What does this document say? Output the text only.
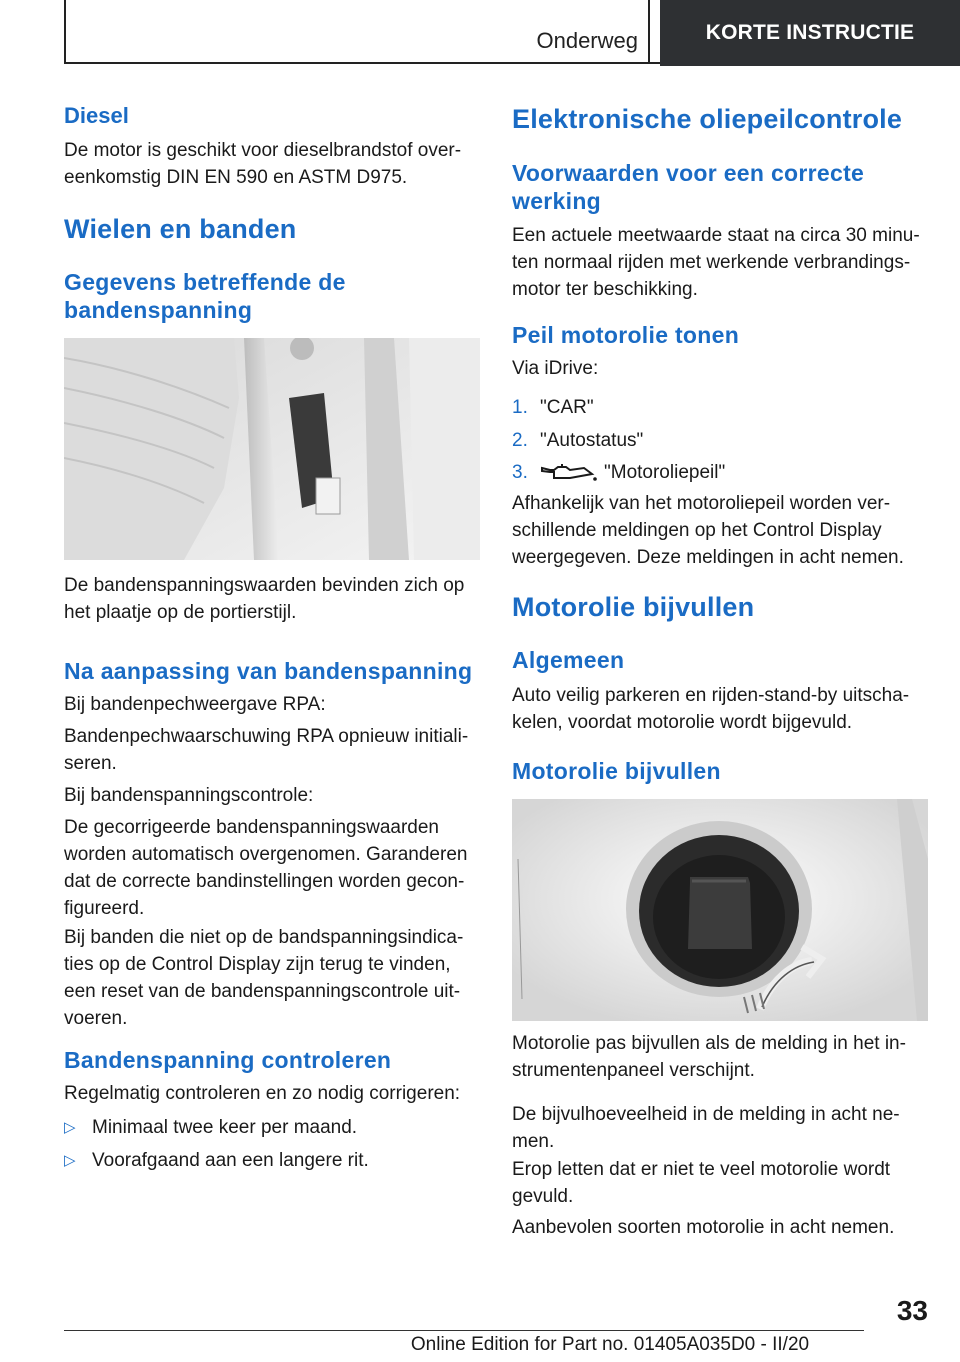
Onderweg	KORTE INSTRUCTIE
Diesel
De motor is geschikt voor dieselbrandstof over-
eenkomstig DIN EN 590 en ASTM D975.
Wielen en banden
Gegevens betreffende de
bandenspanning
De bandenspanningswaarden bevinden zich op
het plaatje op de portierstijl.
Na aanpassing van bandenspanning
Bij bandenpechweergave RPA:
Bandenpechwaarschuwing RPA opnieuw initiali-
seren.
Bij bandenspanningscontrole:
De gecorrigeerde bandenspanningswaarden
worden automatisch overgenomen. Garanderen
dat de correcte bandinstellingen worden gecon-
figureerd.
Bij banden die niet op de bandspanningsindica-
ties op de Control Display zijn terug te vinden,
een reset van de bandenspanningscontrole uit-
voeren.
Bandenspanning controleren
Regelmatig controleren en zo nodig corrigeren:
▷ Minimaal twee keer per maand.
▷ Voorafgaand aan een langere rit.
Elektronische oliepeilcontrole
Voorwaarden voor een correcte
werking
Een actuele meetwaarde staat na circa 30 minu-
ten normaal rijden met werkende verbrandings-
motor ter beschikking.
Peil motorolie tonen
Via iDrive:
1. "CAR"
2. "Autostatus"
3.	"Motoroliepeil"
Afhankelijk van het motoroliepeil worden ver-
schillende meldingen op het Control Display
weergegeven. Deze meldingen in acht nemen.
Motorolie bijvullen
Algemeen
Auto veilig parkeren en rijden-stand-by uitscha-
kelen, voordat motorolie wordt bijgevuld.
Motorolie bijvullen
Motorolie pas bijvullen als de melding in het in-
strumentenpaneel verschijnt.
De bijvulhoeveelheid in de melding in acht ne-
men.
Erop letten dat er niet te veel motorolie wordt
gevuld.
Aanbevolen soorten motorolie in acht nemen.
33
Online Edition for Part no. 01405A035D0 - II/20
